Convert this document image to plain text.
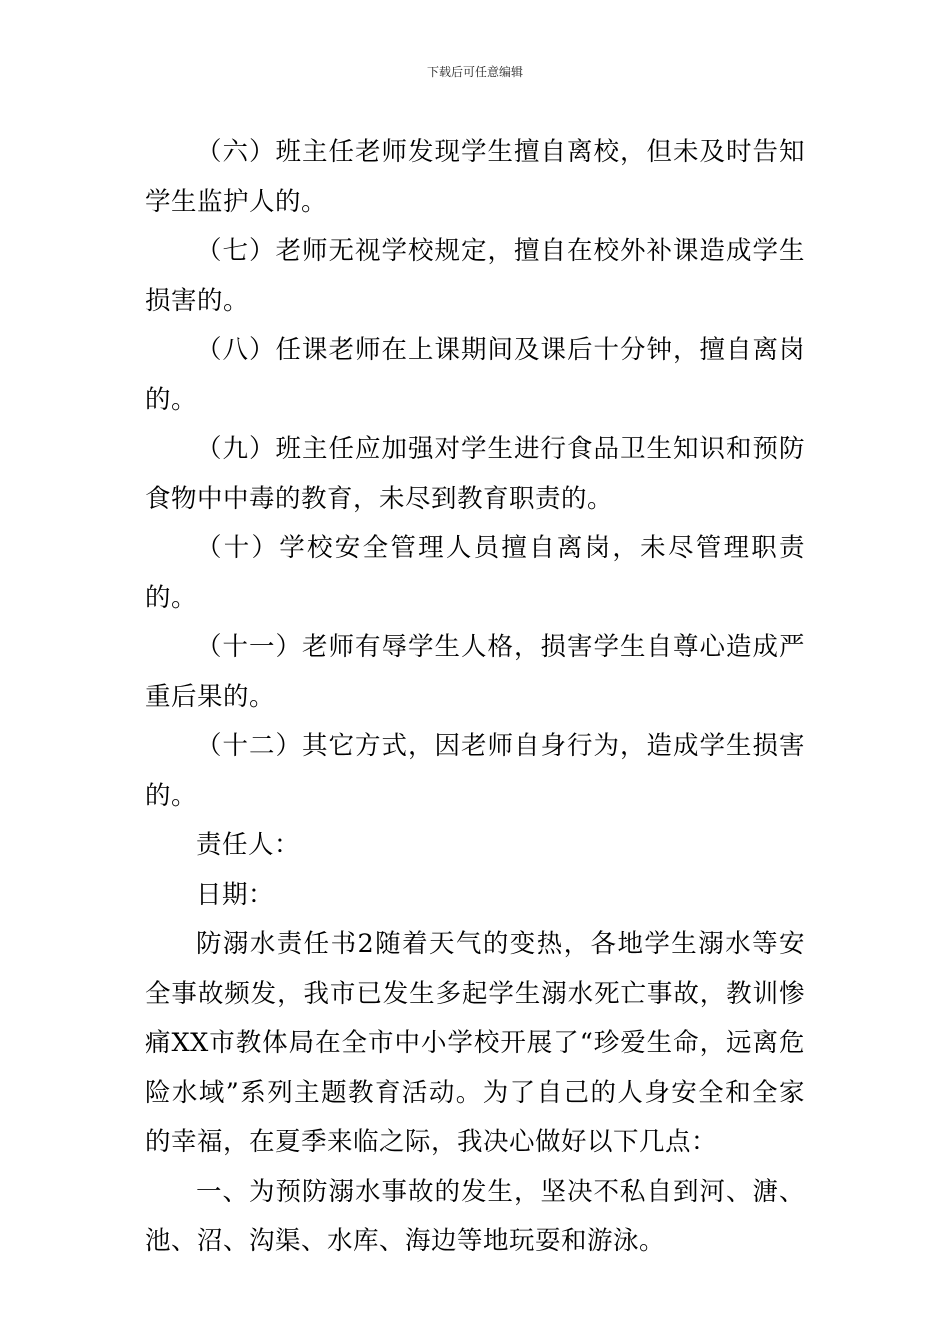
下载后可任意编辑

（六）班主任老师发现学生擅自离校，但未及时告知学生监护人的。

（七）老师无视学校规定，擅自在校外补课造成学生损害的。

（八）任课老师在上课期间及课后十分钟，擅自离岗的。

（九）班主任应加强对学生进行食品卫生知识和预防食物中中毒的教育，未尽到教育职责的。

（十）学校安全管理人员擅自离岗，未尽管理职责的。

（十一）老师有辱学生人格，损害学生自尊心造成严重后果的。

（十二）其它方式，因老师自身行为，造成学生损害的。

责任人：

日期：

防溺水责任书2随着天气的变热，各地学生溺水等安全事故频发，我市已发生多起学生溺水死亡事故，教训惨痛XX市教体局在全市中小学校开展了“珍爱生命，远离危险水域”系列主题教育活动。为了自己的人身安全和全家的幸福，在夏季来临之际，我决心做好以下几点：

一、为预防溺水事故的发生，坚决不私自到河、溏、池、沼、沟渠、水库、海边等地玩耍和游泳。
